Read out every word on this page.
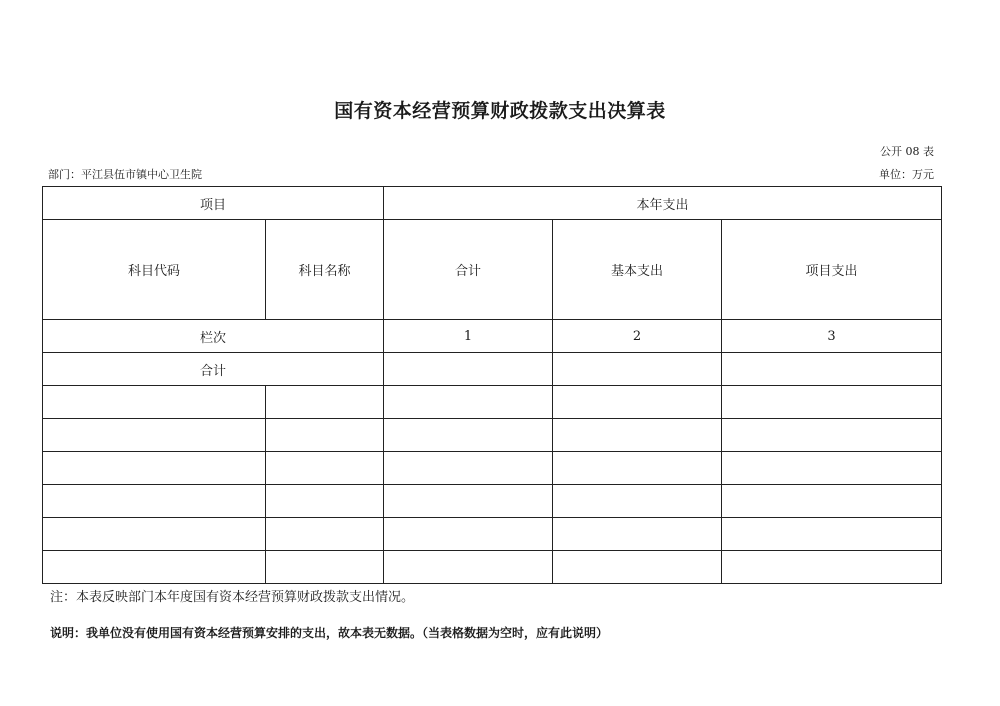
国有资本经营预算财政拨款支出决算表
公开 08 表
部门：平江县伍市镇中心卫生院	单位：万元
项目		本年支出		
科目代码	科目名称	合计	基本支出	项目支出
栏次		1	2	3
合计				

注：本表反映部门本年度国有资本经营预算财政拨款支出情况。
说明：我单位没有使用国有资本经营预算安排的支出，故本表无数据。（当表格数据为空时，应有此说明）
